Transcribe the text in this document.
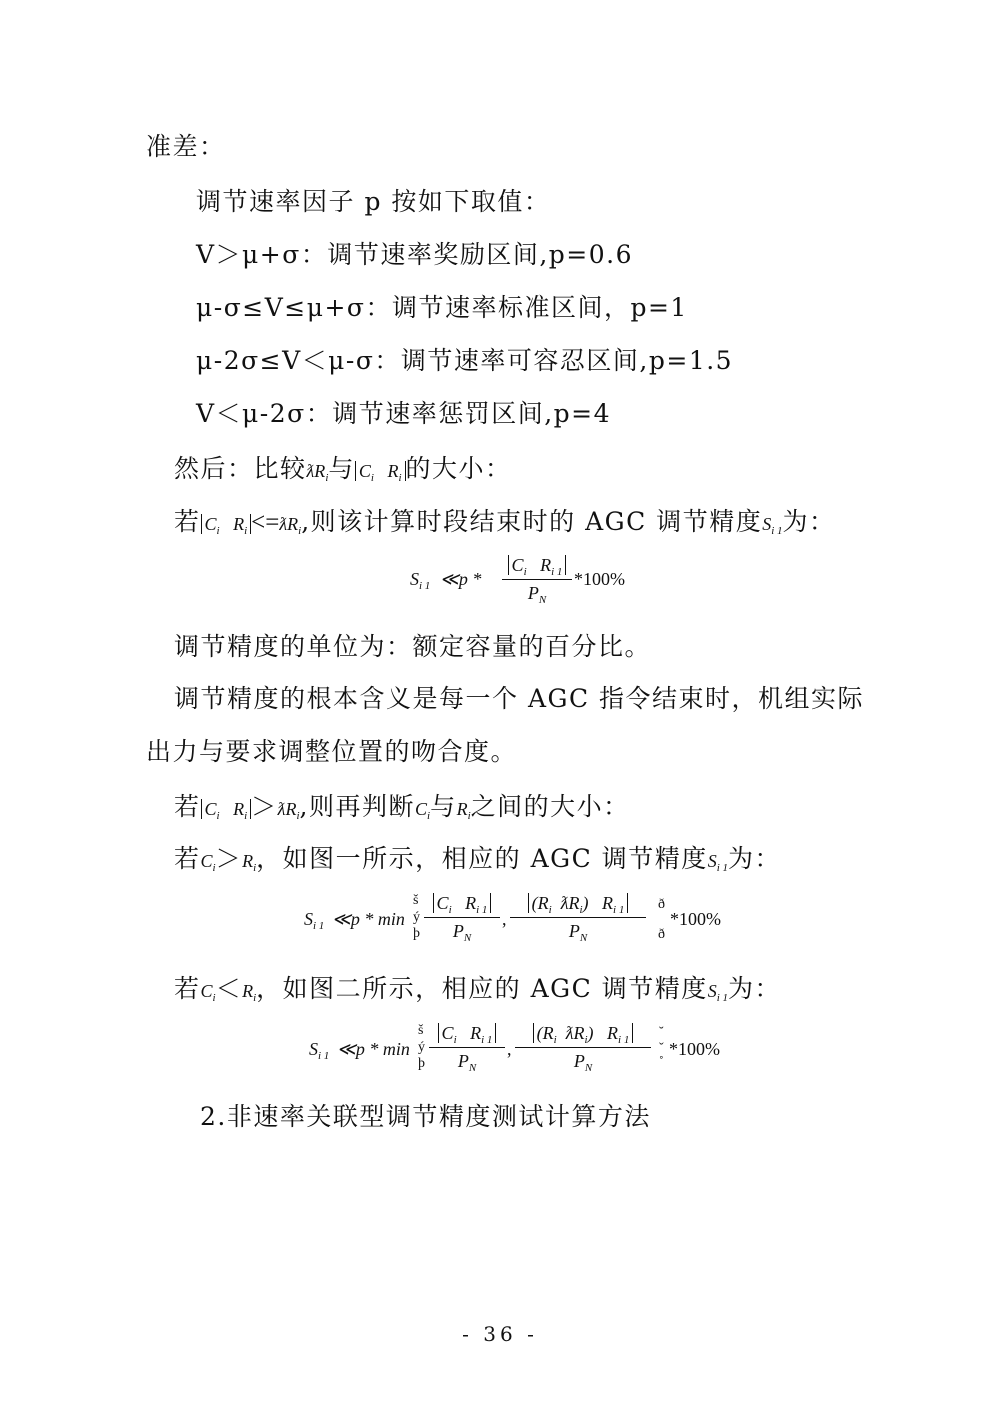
准差：
调节速率因子 p 按如下取值：
V＞μ+σ：调节速率奖励区间,p=0.6
μ-σ≤V≤μ+σ：调节速率标准区间，p=1
μ-2σ≤V＜μ-σ：调节速率可容忍区间,p=1.5
V＜μ-2σ：调节速率惩罚区间,p=4
然后：比较$ƛR_i$与 $C_i$ $R_i$ 的大小：
若 $C_i$ $R_i$ $<=ƛR_i$,则该计算时段结束时的 AGC 调节精度$S_{i 1}$为：
$S_{i 1}$ ≪p *
$C_i$ $R_{i 1}$
$P_N$
*100%
调节精度的单位为：额定容量的百分比。
调节精度的根本含义是每一个 AGC 指令结束时，机组实际
出力与要求调整位置的吻合度。
若 $C_i$ $R_i$ $>ƛR_i$,则再判断$C_i$与$R_i$之间的大小：
若$C_i>R_i$，如图一所示，相应的 AGC 调节精度$S_{i 1}$为：
$S_{i 1}$ ≪p * min
š
ý
þ
$C_i$ $R_{i 1}$
$P_N$
,
($R_i$ $ƛR_i$) $R_{i 1}$
$P_N$
ð
ð
*100%
若$C_i<R_i$，如图二所示，相应的 AGC 调节精度$S_{i 1}$为：
$S_{i 1}$ ≪p * min
š
ý
þ
$C_i$ $R_{i 1}$
$P_N$
,
($R_i$ $ƛR_i$) $R_{i 1}$
$P_N$
˘
ˇ
˚
*100%
2.非速率关联型调节精度测试计算方法
- 36 -
